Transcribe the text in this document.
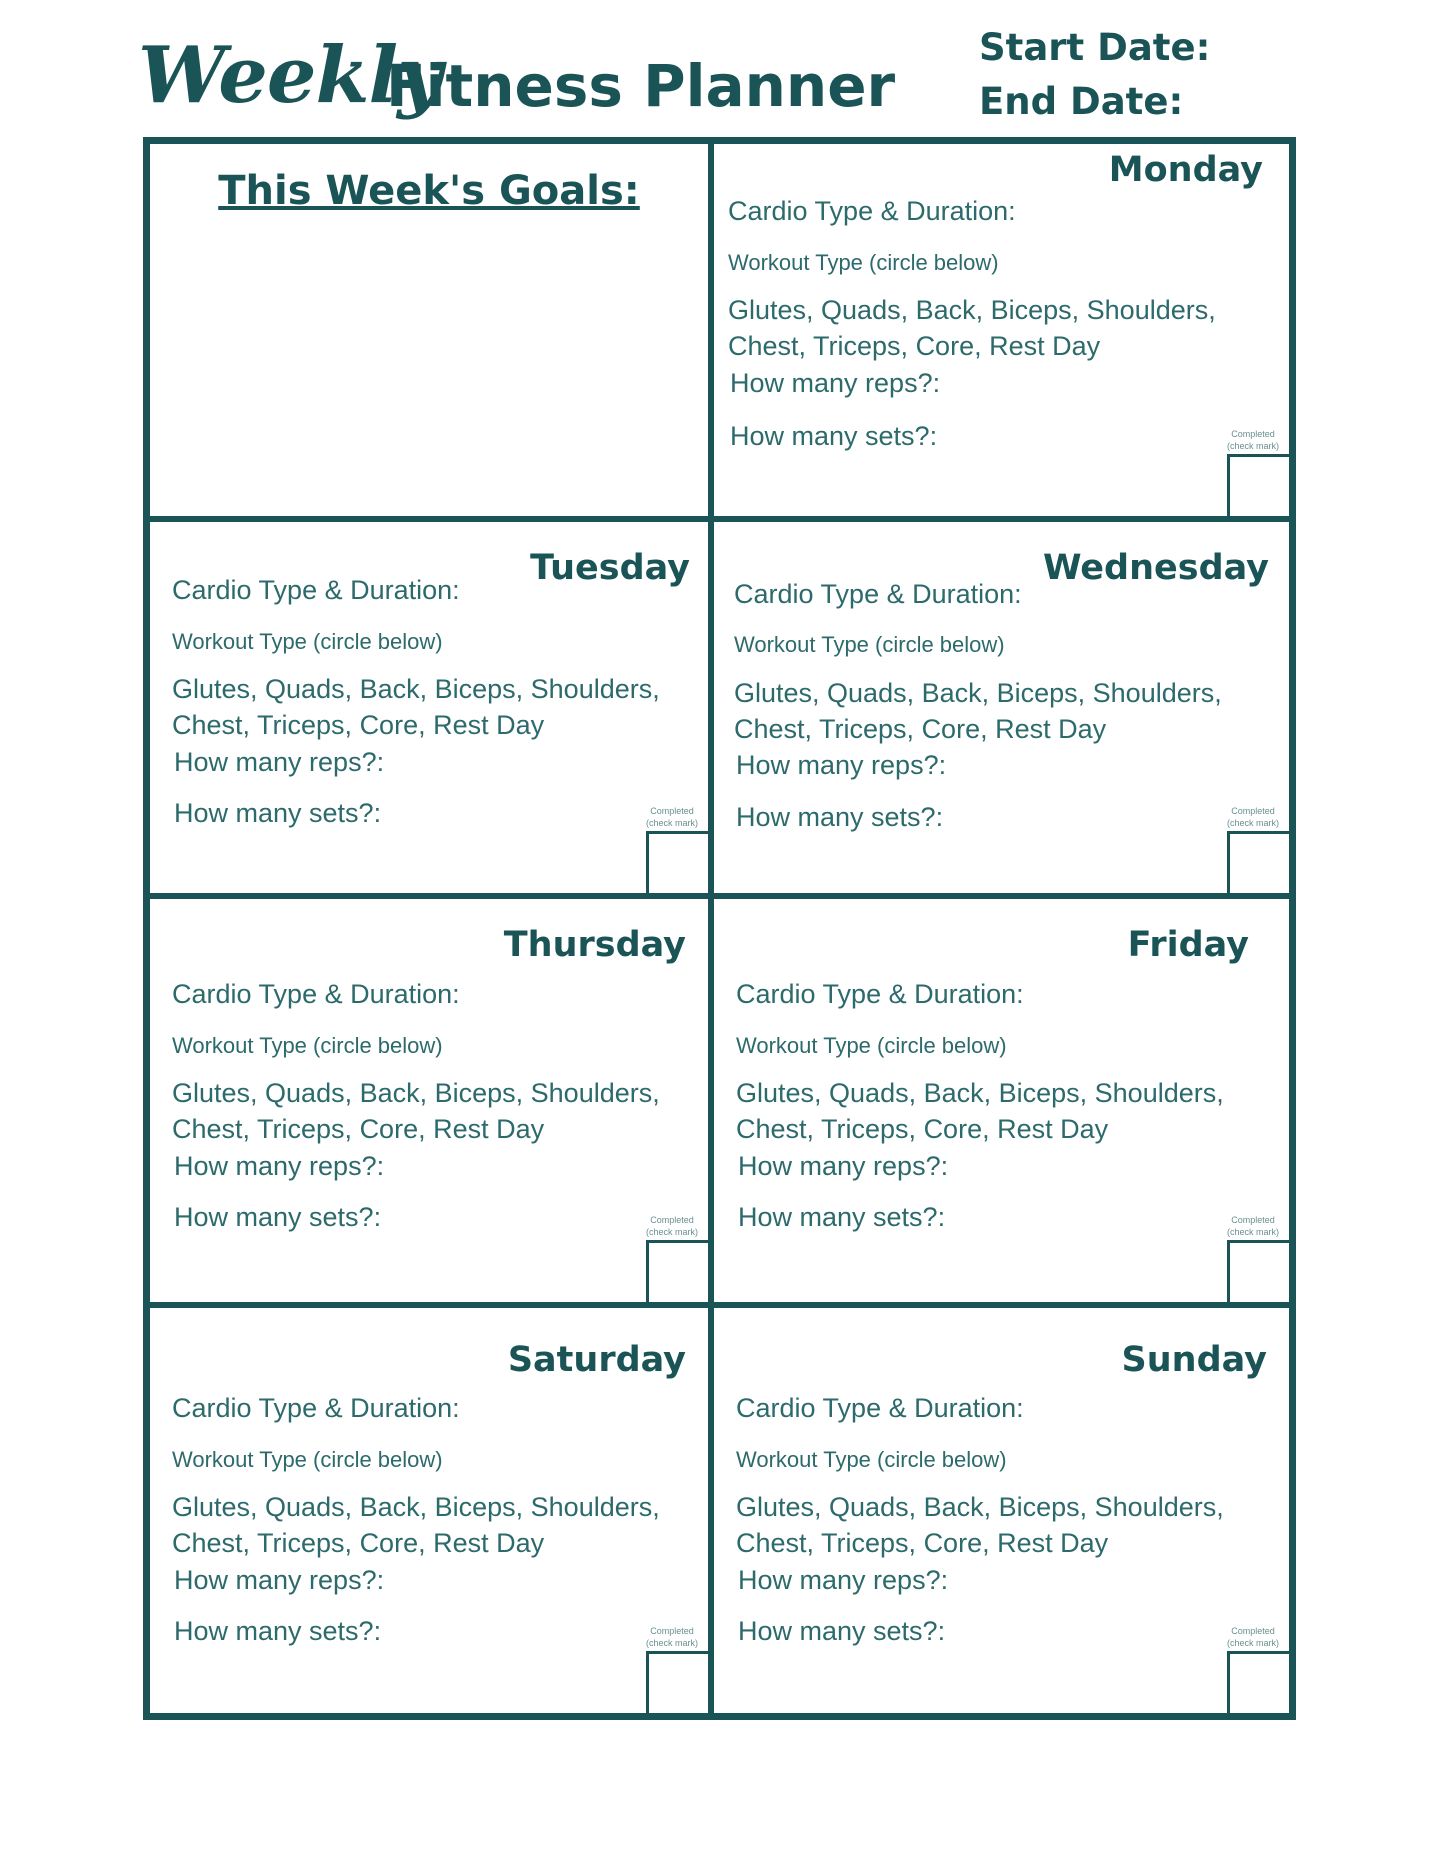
Weekly
Fitness Planner
Start Date:
End Date:
This Week's Goals:	Monday
Cardio Type & Duration:
Workout Type (circle below)
Glutes, Quads, Back, Biceps, Shoulders,
Chest, Triceps, Core, Rest Day
How many reps?:
How many sets?:	Completed
(check mark)
Tuesday
Cardio Type & Duration:
Workout Type (circle below)
Glutes, Quads, Back, Biceps, Shoulders,
Chest, Triceps, Core, Rest Day
How many reps?:
How many sets?:	Completed
(check mark)
Wednesday
Cardio Type & Duration:
Workout Type (circle below)
Glutes, Quads, Back, Biceps, Shoulders,
Chest, Triceps, Core, Rest Day
How many reps?:
How many sets?:	Completed
(check mark)
Thursday
Cardio Type & Duration:
Workout Type (circle below)
Glutes, Quads, Back, Biceps, Shoulders,
Chest, Triceps, Core, Rest Day
How many reps?:
How many sets?:	Completed
(check mark)
Friday
Cardio Type & Duration:
Workout Type (circle below)
Glutes, Quads, Back, Biceps, Shoulders,
Chest, Triceps, Core, Rest Day
How many reps?:
How many sets?:	Completed
(check mark)
Saturday
Cardio Type & Duration:
Workout Type (circle below)
Glutes, Quads, Back, Biceps, Shoulders,
Chest, Triceps, Core, Rest Day
How many reps?:
How many sets?:	Completed
(check mark)
Sunday
Cardio Type & Duration:
Workout Type (circle below)
Glutes, Quads, Back, Biceps, Shoulders,
Chest, Triceps, Core, Rest Day
How many reps?:
How many sets?:	Completed
(check mark)
